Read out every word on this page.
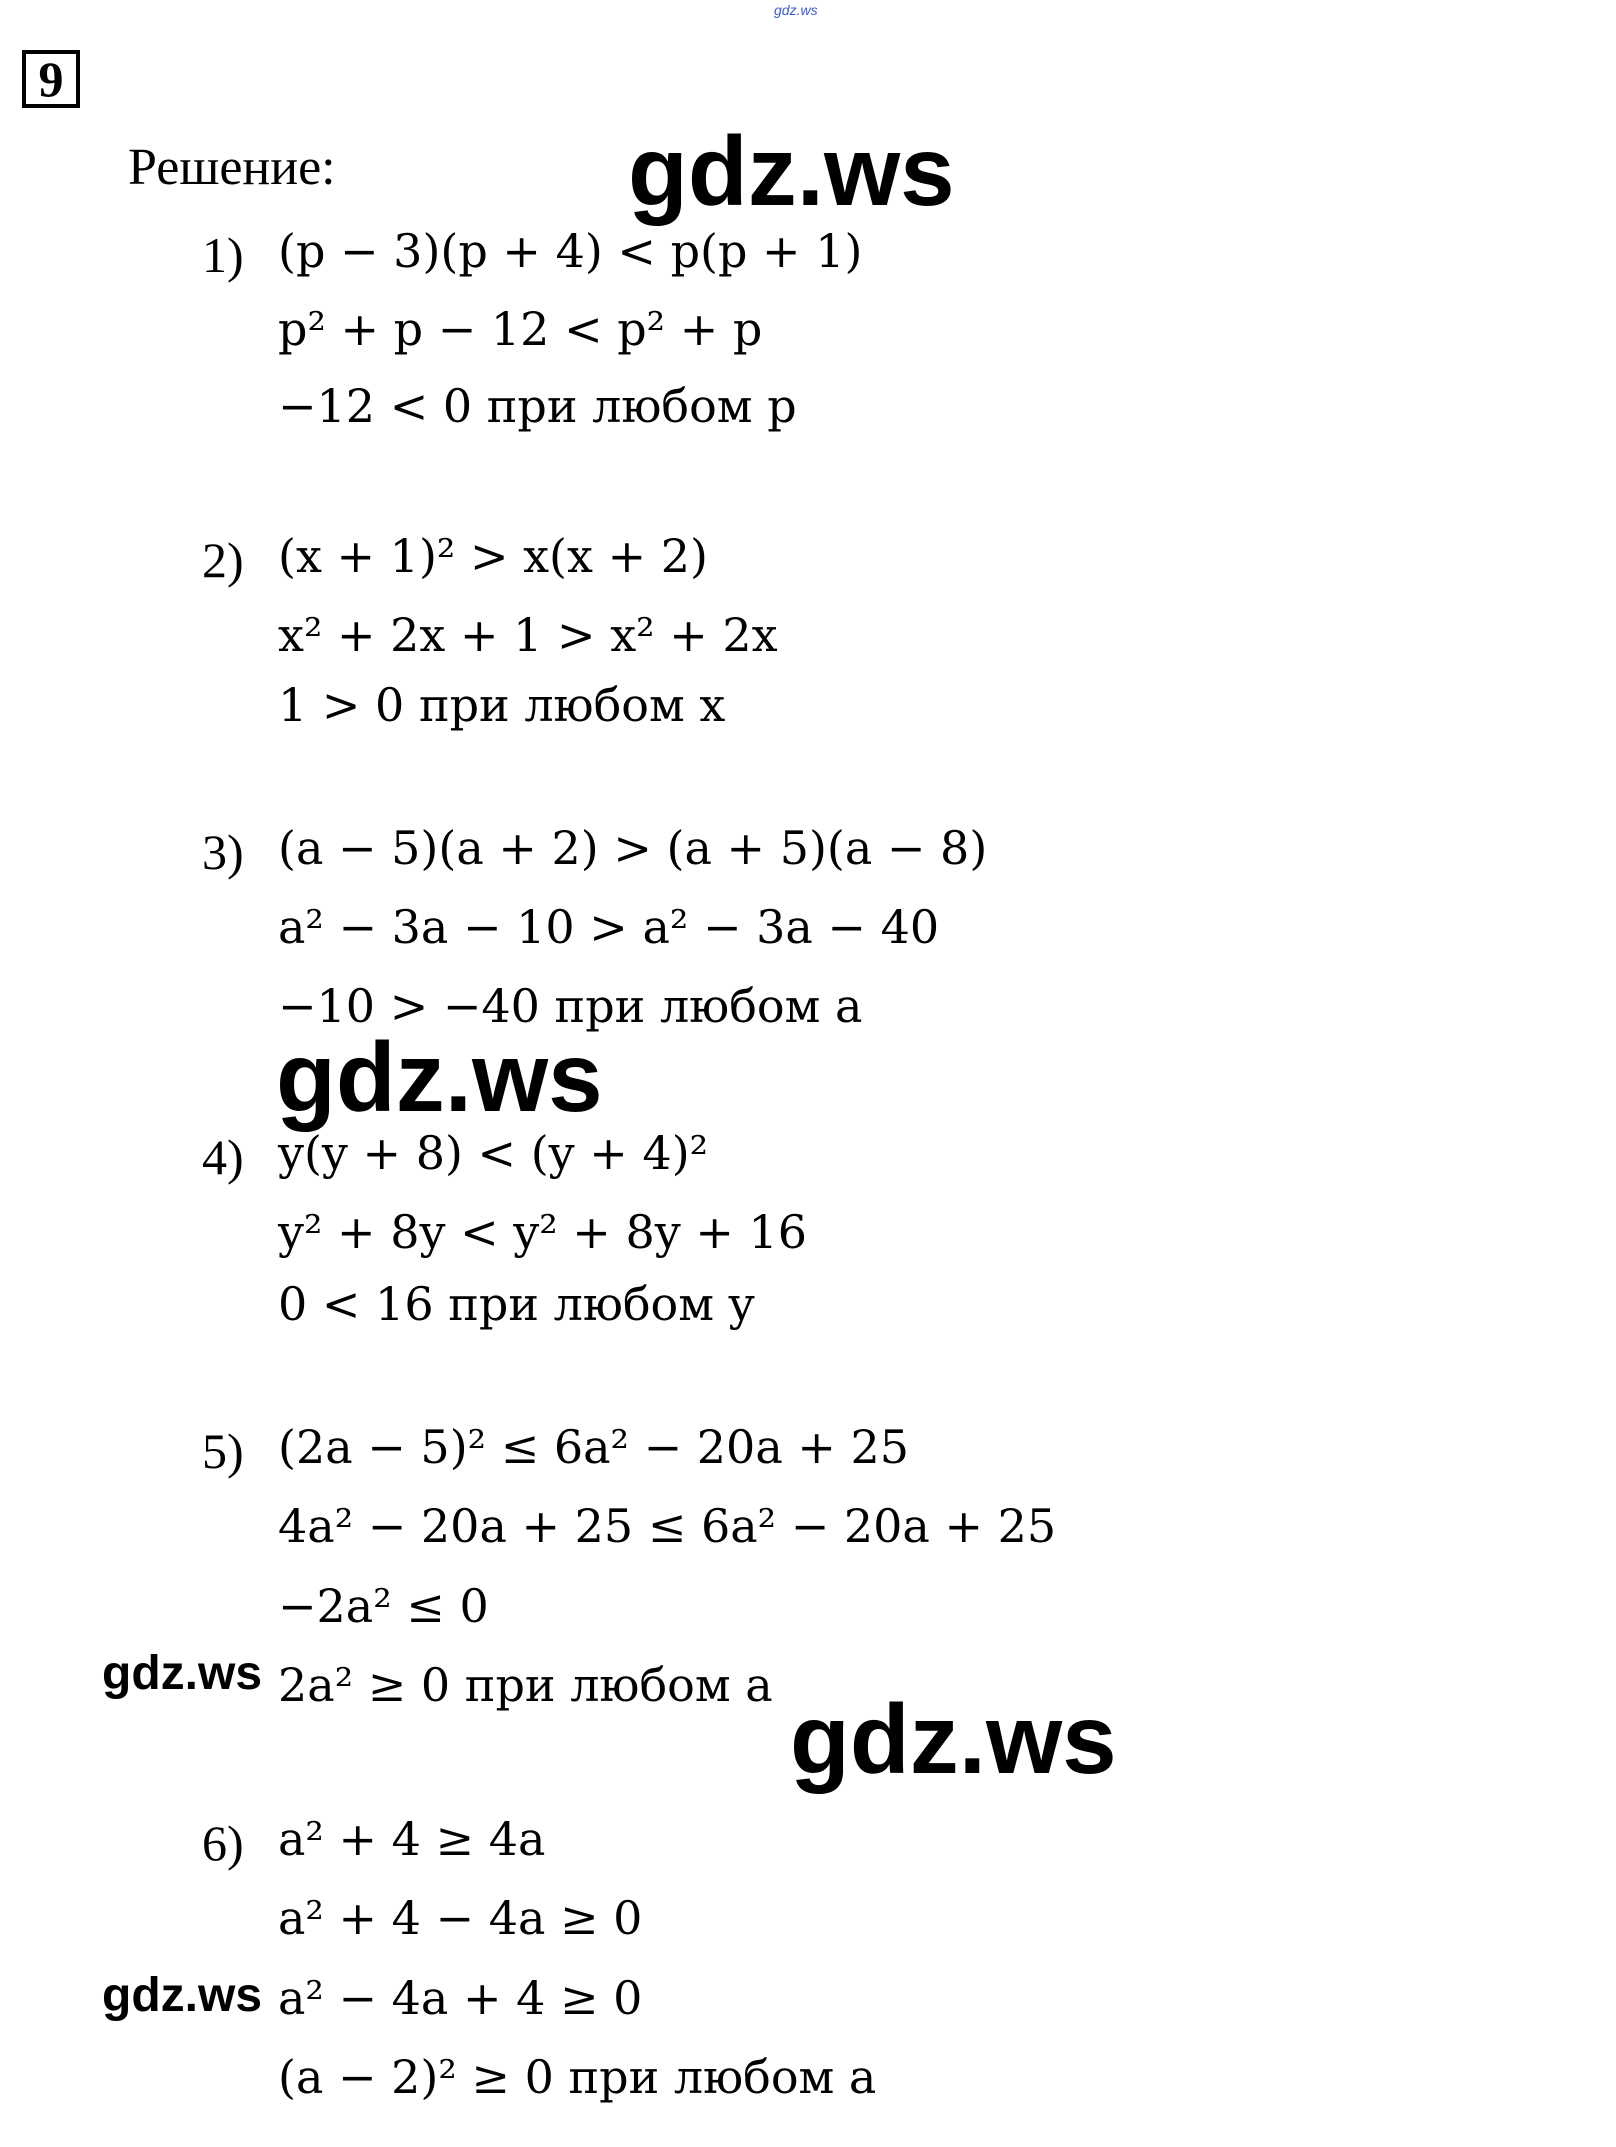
gdz.ws
9
Решение:
1) (p − 3)(p + 4) < p(p + 1)
p² + p − 12 < p² + p
−12 < 0 при любом p
2) (x + 1)² > x(x + 2)
x² + 2x + 1 > x² + 2x
1 > 0 при любом x
3) (a − 5)(a + 2) > (a + 5)(a − 8)
a² − 3a − 10 > a² − 3a − 40
−10 > −40 при любом a
4) y(y + 8) < (y + 4)²
y² + 8y < y² + 8y + 16
0 < 16 при любом y
5) (2a − 5)² ≤ 6a² − 20a + 25
4a² − 20a + 25 ≤ 6a² − 20a + 25
−2a² ≤ 0
2a² ≥ 0 при любом a
6) a² + 4 ≥ 4a
a² + 4 − 4a ≥ 0
a² − 4a + 4 ≥ 0
(a − 2)² ≥ 0 при любом a
gdz.ws
gdz.ws
gdz.ws
gdz.ws
gdz.ws
